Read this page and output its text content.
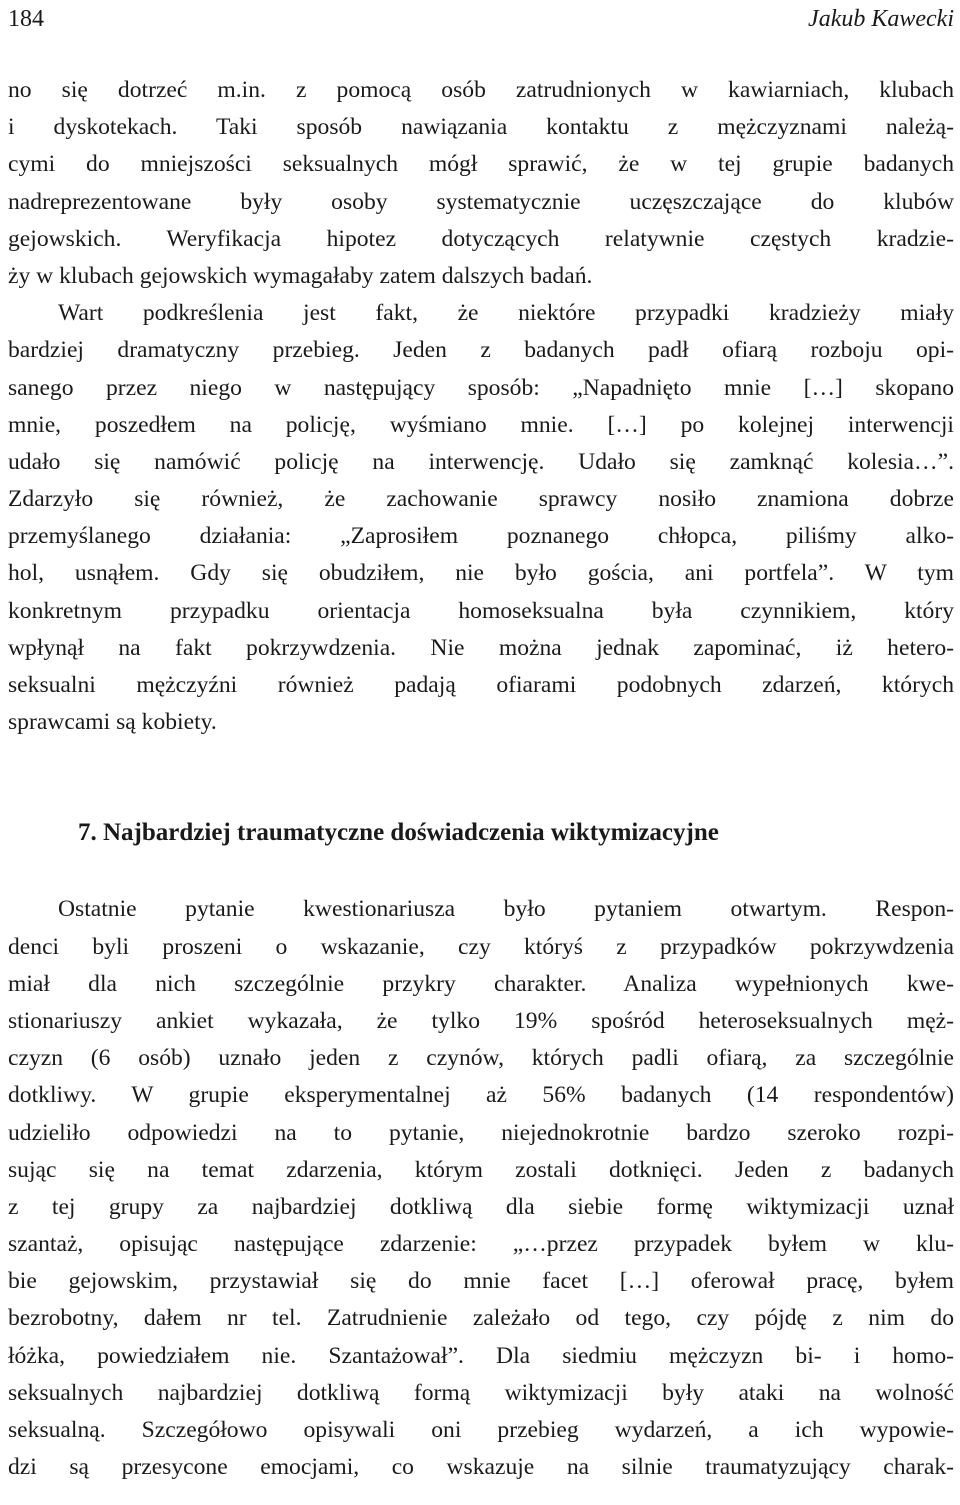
184	Jakub Kawecki
no się dotrzeć m.in. z pomocą osób zatrudnionych w kawiarniach, klubach
i dyskotekach. Taki sposób nawiązania kontaktu z mężczyznami należą-
cymi do mniejszości seksualnych mógł sprawić, że w tej grupie badanych
nadreprezentowane były osoby systematycznie uczęszczające do klubów
gejowskich. Weryfikacja hipotez dotyczących relatywnie częstych kradzie-
ży w klubach gejowskich wymagałaby zatem dalszych badań.
Wart podkreślenia jest fakt, że niektóre przypadki kradzieży miały
bardziej dramatyczny przebieg. Jeden z badanych padł ofiarą rozboju opi-
sanego przez niego w następujący sposób: „Napadnięto mnie […] skopano
mnie, poszedłem na policję, wyśmiano mnie. […] po kolejnej interwencji
udało się namówić policję na interwencję. Udało się zamknąć kolesia…”.
Zdarzyło się również, że zachowanie sprawcy nosiło znamiona dobrze
przemyślanego działania: „Zaprosiłem poznanego chłopca, piliśmy alko-
hol, usnąłem. Gdy się obudziłem, nie było gościa, ani portfela”. W tym
konkretnym przypadku orientacja homoseksualna była czynnikiem, który
wpłynął na fakt pokrzywdzenia. Nie można jednak zapominać, iż hetero-
seksualni mężczyźni również padają ofiarami podobnych zdarzeń, których
sprawcami są kobiety.
7. Najbardziej traumatyczne doświadczenia wiktymizacyjne
Ostatnie pytanie kwestionariusza było pytaniem otwartym. Respon-
denci byli proszeni o wskazanie, czy któryś z przypadków pokrzywdzenia
miał dla nich szczególnie przykry charakter. Analiza wypełnionych kwe-
stionariuszy ankiet wykazała, że tylko 19% spośród heteroseksualnych męż-
czyzn (6 osób) uznało jeden z czynów, których padli ofiarą, za szczególnie
dotkliwy. W grupie eksperymentalnej aż 56% badanych (14 respondentów)
udzieliło odpowiedzi na to pytanie, niejednokrotnie bardzo szeroko rozpi-
sując się na temat zdarzenia, którym zostali dotknięci. Jeden z badanych
z tej grupy za najbardziej dotkliwą dla siebie formę wiktymizacji uznał
szantaż, opisując następujące zdarzenie: „…przez przypadek byłem w klu-
bie gejowskim, przystawiał się do mnie facet […] oferował pracę, byłem
bezrobotny, dałem nr tel. Zatrudnienie zależało od tego, czy pójdę z nim do
łóżka, powiedziałem nie. Szantażował”. Dla siedmiu mężczyzn bi- i homo-
seksualnych najbardziej dotkliwą formą wiktymizacji były ataki na wolność
seksualną. Szczegółowo opisywali oni przebieg wydarzeń, a ich wypowie-
dzi są przesycone emocjami, co wskazuje na silnie traumatyzujący charak-
